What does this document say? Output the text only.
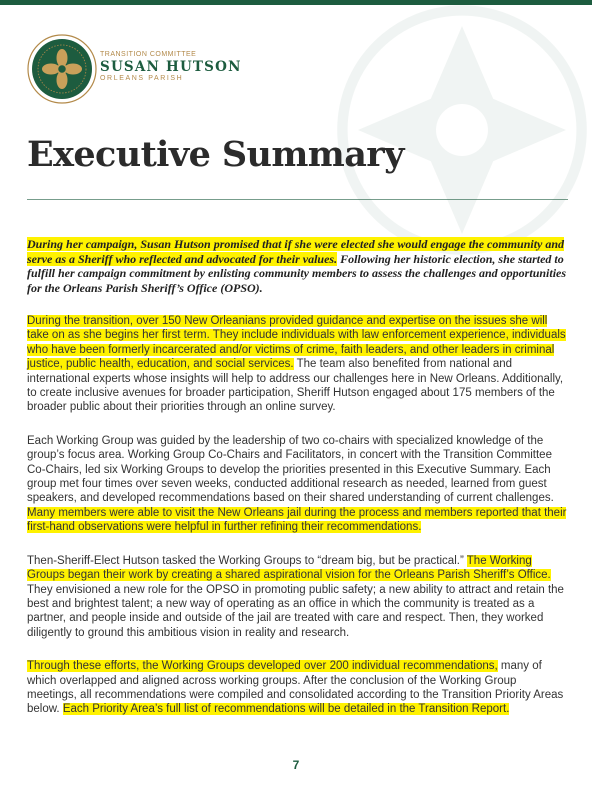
TRANSITION COMMITTEE
SUSAN HUTSON
ORLEANS PARISH
Executive Summary

During her campaign, Susan Hutson promised that if she were elected she would engage the community and serve as a Sheriff who reflected and advocated for their values. Following her historic election, she started to fulfill her campaign commitment by enlisting community members to assess the challenges and opportunities for the Orleans Parish Sheriff’s Office (OPSO).

During the transition, over 150 New Orleanians provided guidance and expertise on the issues she will take on as she begins her first term. They include individuals with law enforcement experience, individuals who have been formerly incarcerated and/or victims of crime, faith leaders, and other leaders in criminal justice, public health, education, and social services. The team also benefited from national and international experts whose insights will help to address our challenges here in New Orleans. Additionally, to create inclusive avenues for broader participation, Sheriff Hutson engaged about 175 members of the broader public about their priorities through an online survey.

Each Working Group was guided by the leadership of two co-chairs with specialized knowledge of the group’s focus area. Working Group Co-Chairs and Facilitators, in concert with the Transition Committee Co-Chairs, led six Working Groups to develop the priorities presented in this Executive Summary. Each group met four times over seven weeks, conducted additional research as needed, learned from guest speakers, and developed recommendations based on their shared understanding of current challenges. Many members were able to visit the New Orleans jail during the process and members reported that their first-hand observations were helpful in further refining their recommendations.

Then-Sheriff-Elect Hutson tasked the Working Groups to “dream big, but be practical.” The Working Groups began their work by creating a shared aspirational vision for the Orleans Parish Sheriff’s Office. They envisioned a new role for the OPSO in promoting public safety; a new ability to attract and retain the best and brightest talent; a new way of operating as an office in which the community is treated as a partner, and people inside and outside of the jail are treated with care and respect. Then, they worked diligently to ground this ambitious vision in reality and research.

Through these efforts, the Working Groups developed over 200 individual recommendations, many of which overlapped and aligned across working groups. After the conclusion of the Working Group meetings, all recommendations were compiled and consolidated according to the Transition Priority Areas below. Each Priority Area’s full list of recommendations will be detailed in the Transition Report.

7
